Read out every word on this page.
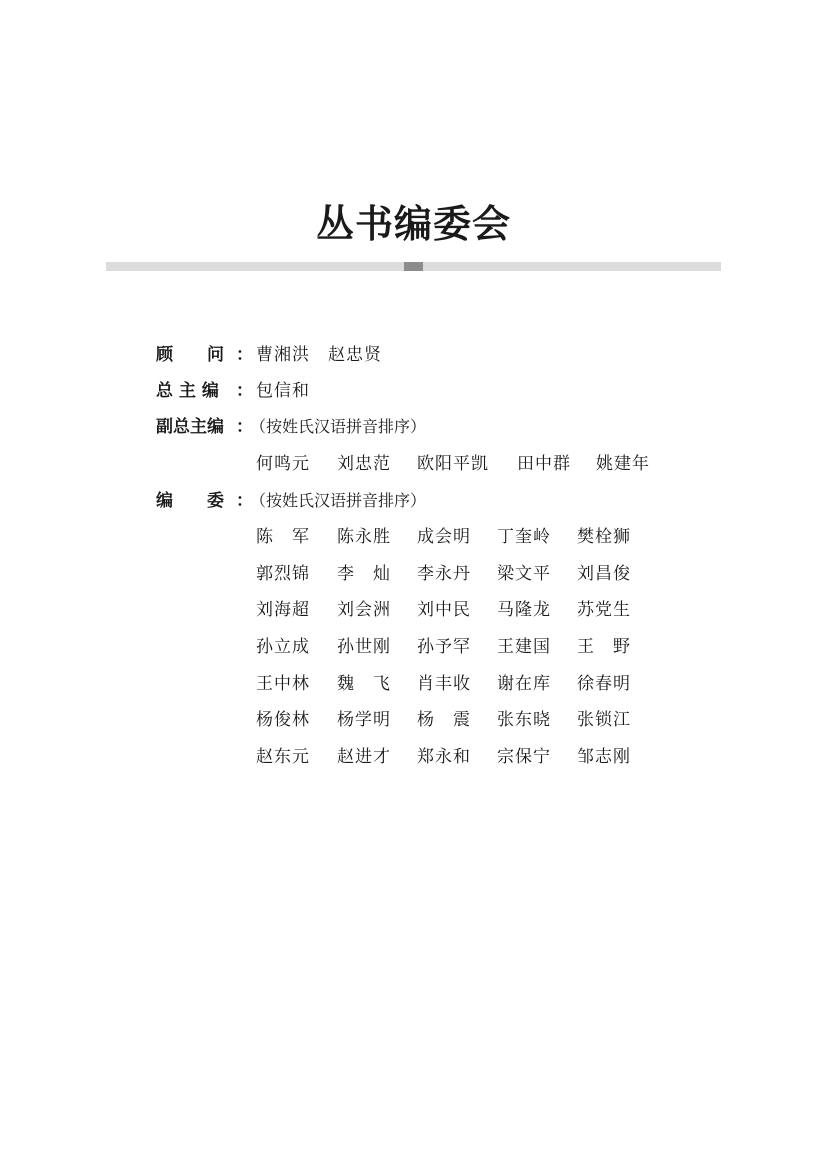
丛书编委会
顾　　问 ： 曹湘洪　赵忠贤
总 主 编 ： 包信和
副总主编 ：
（按姓氏汉语拼音排序）
何鸣元 刘忠范 欧阳平凯 田中群 姚建年
编　　委 ：
（按姓氏汉语拼音排序）
陈　军 陈永胜 成会明 丁奎岭 樊栓狮
郭烈锦 李　灿 李永丹 梁文平 刘昌俊
刘海超 刘会洲 刘中民 马隆龙 苏党生
孙立成 孙世刚 孙予罕 王建国 王　野
王中林 魏　飞 肖丰收 谢在库 徐春明
杨俊林 杨学明 杨　震 张东晓 张锁江
赵东元 赵进才 郑永和 宗保宁 邹志刚
